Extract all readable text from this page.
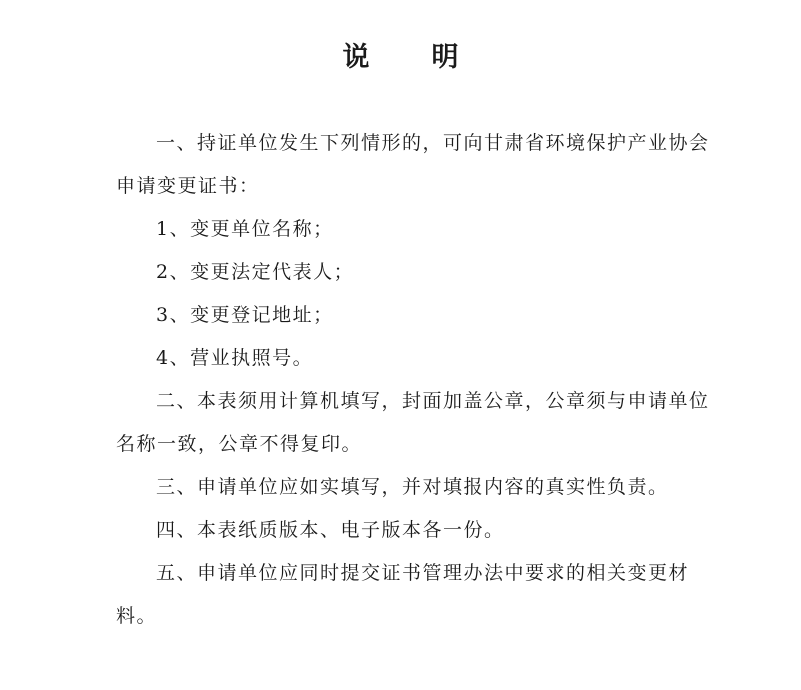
说 明

一、持证单位发生下列情形的，可向甘肃省环境保护产业协会申请变更证书：

1、变更单位名称；

2、变更法定代表人；

3、变更登记地址；

4、营业执照号。

二、本表须用计算机填写，封面加盖公章，公章须与申请单位名称一致，公章不得复印。

三、申请单位应如实填写，并对填报内容的真实性负责。

四、本表纸质版本、电子版本各一份。

五、申请单位应同时提交证书管理办法中要求的相关变更材料。
